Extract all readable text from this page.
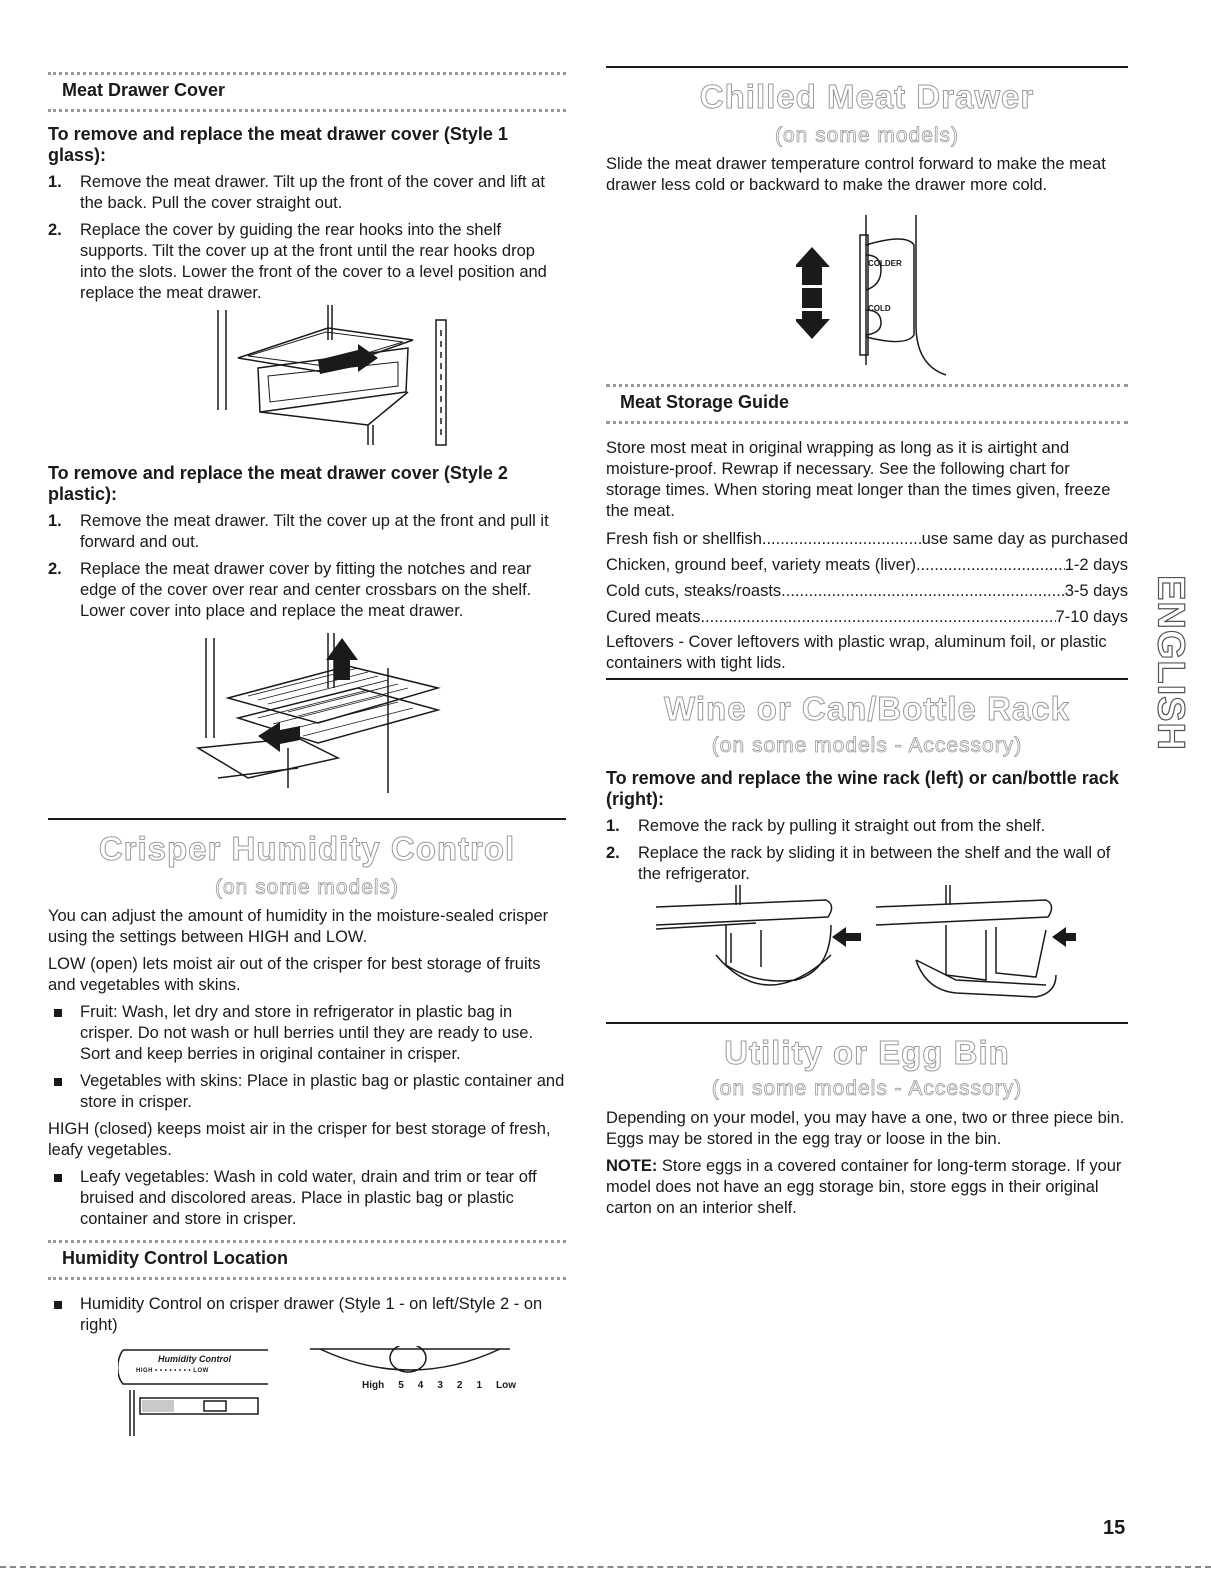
Meat Drawer Cover

To remove and replace the meat drawer cover (Style 1 glass):

1. Remove the meat drawer. Tilt up the front of the cover and lift at the back. Pull the cover straight out.
2. Replace the cover by guiding the rear hooks into the shelf supports. Tilt the cover up at the front until the rear hooks drop into the slots. Lower the front of the cover to a level position and replace the meat drawer.

To remove and replace the meat drawer cover (Style 2 plastic):

1. Remove the meat drawer. Tilt the cover up at the front and pull it forward and out.
2. Replace the meat drawer cover by fitting the notches and rear edge of the cover over rear and center crossbars on the shelf. Lower cover into place and replace the meat drawer.
Crisper Humidity Control
(on some models)

You can adjust the amount of humidity in the moisture-sealed crisper using the settings between HIGH and LOW.

LOW (open) lets moist air out of the crisper for best storage of fruits and vegetables with skins.

Fruit: Wash, let dry and store in refrigerator in plastic bag in crisper. Do not wash or hull berries until they are ready to use. Sort and keep berries in original container in crisper.
Vegetables with skins: Place in plastic bag or plastic container and store in crisper.

HIGH (closed) keeps moist air in the crisper for best storage of fresh, leafy vegetables.

Leafy vegetables: Wash in cold water, drain and trim or tear off bruised and discolored areas. Place in plastic bag or plastic container and store in crisper.
Humidity Control Location
Humidity Control on crisper drawer (Style 1 - on left/Style 2 - on right)
Humidity Control
HIGH • • • • • • • • LOW
High 5 4 3 2 1 Low
Chilled Meat Drawer
(on some models)

Slide the meat drawer temperature control forward to make the meat drawer less cold or backward to make the drawer more cold.

COLDER
COLD
Meat Storage Guide

Store most meat in original wrapping as long as it is airtight and moisture-proof. Rewrap if necessary. See the following chart for storage times. When storing meat longer than the times given, freeze the meat.

Fresh fish or shellfish .....	use same day as purchased
Chicken, ground beef, variety meats (liver) .....	1-2 days
Cold cuts, steaks/roasts .....	3-5 days
Cured meats .....	7-10 days

Leftovers - Cover leftovers with plastic wrap, aluminum foil, or plastic containers with tight lids.

Wine or Can/Bottle Rack
(on some models - Accessory)

To remove and replace the wine rack (left) or can/bottle rack (right):

1. Remove the rack by pulling it straight out from the shelf.
2. Replace the rack by sliding it in between the shelf and the wall of the refrigerator.
Utility or Egg Bin
(on some models - Accessory)

Depending on your model, you may have a one, two or three piece bin. Eggs may be stored in the egg tray or loose in the bin.

NOTE: Store eggs in a covered container for long-term storage. If your model does not have an egg storage bin, store eggs in their original carton on an interior shelf.

ENGLISH
15
